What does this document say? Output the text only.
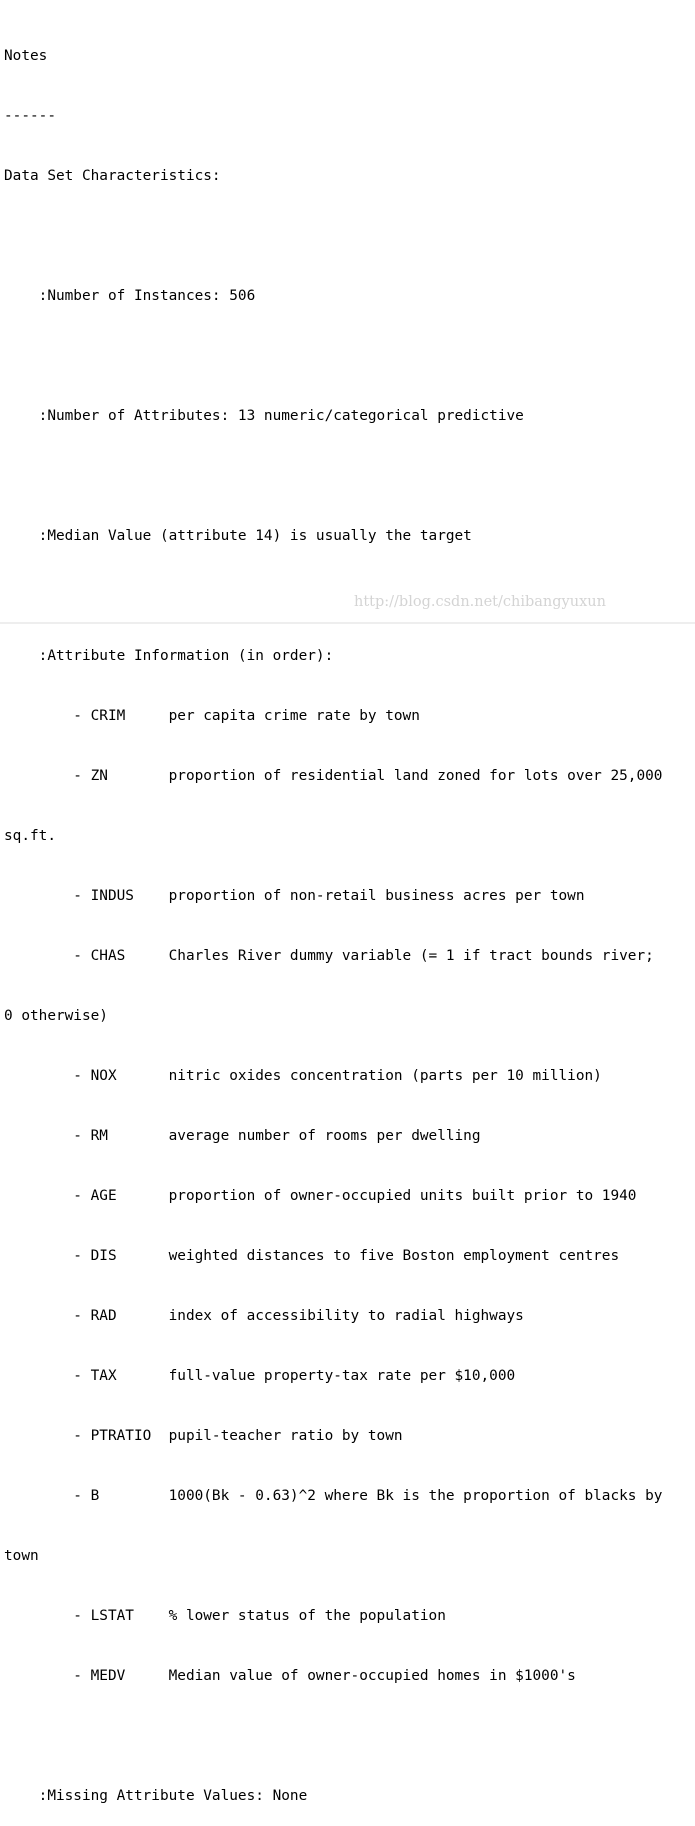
Notes

------

Data Set Characteristics:

:Number of Instances: 506

:Number of Attributes: 13 numeric/categorical predictive

:Median Value (attribute 14) is usually the target

:Attribute Information (in order):

- CRIM     per capita crime rate by town

- ZN       proportion of residential land zoned for lots over 25,000

sq.ft.

- INDUS    proportion of non-retail business acres per town

- CHAS     Charles River dummy variable (= 1 if tract bounds river;

0 otherwise)

- NOX      nitric oxides concentration (parts per 10 million)

- RM       average number of rooms per dwelling

- AGE      proportion of owner-occupied units built prior to 1940

- DIS      weighted distances to five Boston employment centres

- RAD      index of accessibility to radial highways

- TAX      full-value property-tax rate per $10,000

- PTRATIO  pupil-teacher ratio by town

- B        1000(Bk - 0.63)^2 where Bk is the proportion of blacks by

town

- LSTAT    % lower status of the population

- MEDV     Median value of owner-occupied homes in $1000's

:Missing Attribute Values: None

http://blog.csdn.net/chibangyuxun
